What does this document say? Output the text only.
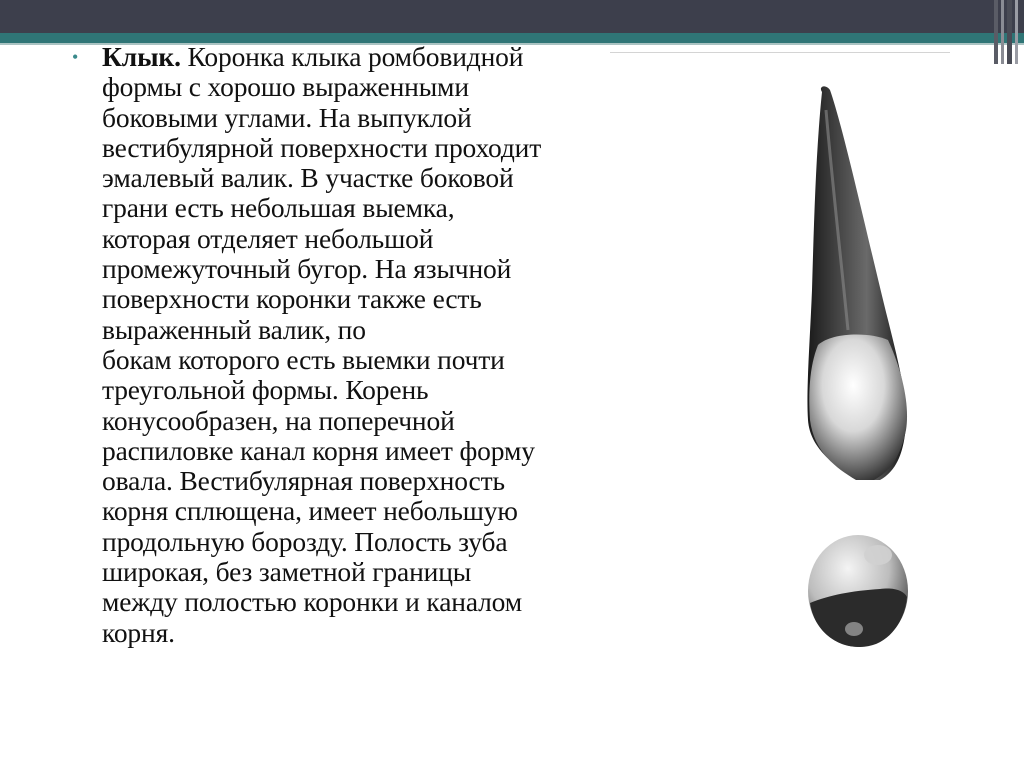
• Клык. Коронка клыка ромбовидной
формы с хорошо выраженными
боковыми углами. На выпуклой
вестибулярной поверхности проходит
эмалевый валик. В участке боковой
грани есть небольшая выемка,
которая отделяет небольшой
промежуточный бугор. На язычной
поверхности коронки также есть
выраженный валик, по
бокам которого есть выемки почти
треугольной формы. Корень
конусообразен, на поперечной
распиловке канал корня имеет форму
овала. Вестибулярная поверхность
корня сплющена, имеет небольшую
продольную борозду. Полость зуба
широкая, без заметной границы
между полостью коронки и каналом
корня.
